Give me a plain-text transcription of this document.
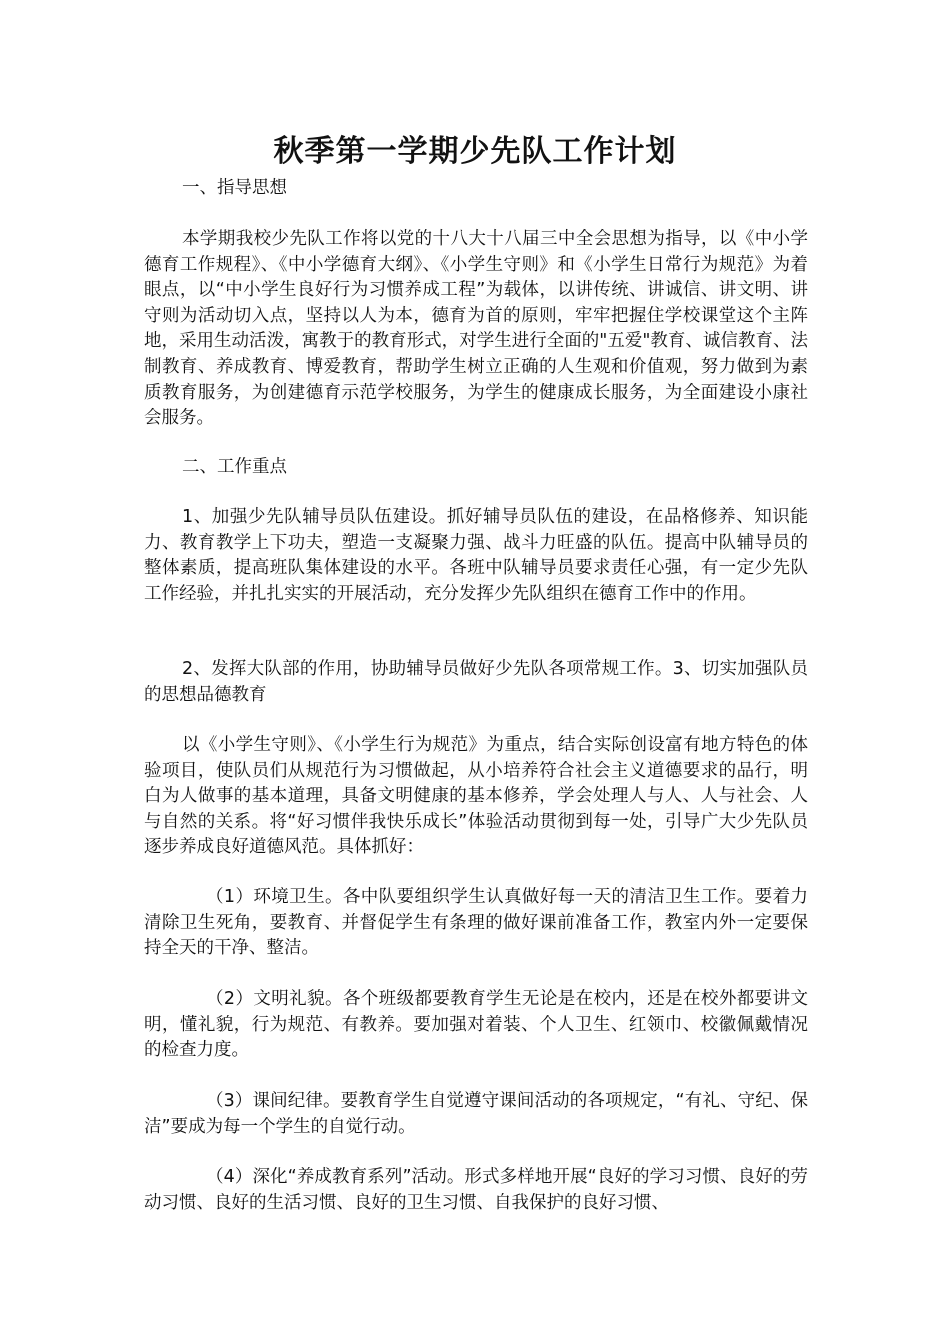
秋季第一学期少先队工作计划
一、指导思想

本学期我校少先队工作将以党的十八大十八届三中全会思想为指导，以《中小学德育工作规程》、《中小学德育大纲》、《小学生守则》和《小学生日常行为规范》为着眼点，以“中小学生良好行为习惯养成工程”为载体，以讲传统、讲诚信、讲文明、讲守则为活动切入点，坚持以人为本，德育为首的原则，牢牢把握住学校课堂这个主阵地，采用生动活泼，寓教于的教育形式，对学生进行全面的"五爱"教育、诚信教育、法制教育、养成教育、博爱教育，帮助学生树立正确的人生观和价值观，努力做到为素质教育服务，为创建德育示范学校服务，为学生的健康成长服务，为全面建设小康社会服务。

二、工作重点

1、加强少先队辅导员队伍建设。抓好辅导员队伍的建设，在品格修养、知识能力、教育教学上下功夫，塑造一支凝聚力强、战斗力旺盛的队伍。提高中队辅导员的整体素质，提高班队集体建设的水平。各班中队辅导员要求责任心强，有一定少先队工作经验，并扎扎实实的开展活动，充分发挥少先队组织在德育工作中的作用。

2、发挥大队部的作用，协助辅导员做好少先队各项常规工作。3、切实加强队员的思想品德教育

以《小学生守则》、《小学生行为规范》为重点，结合实际创设富有地方特色的体验项目，使队员们从规范行为习惯做起，从小培养符合社会主义道德要求的品行，明白为人做事的基本道理，具备文明健康的基本修养，学会处理人与人、人与社会、人与自然的关系。将“好习惯伴我快乐成长”体验活动贯彻到每一处，引导广大少先队员逐步养成良好道德风范。具体抓好：

（1）环境卫生。各中队要组织学生认真做好每一天的清洁卫生工作。要着力清除卫生死角，要教育、并督促学生有条理的做好课前准备工作，教室内外一定要保持全天的干净、整洁。

（2）文明礼貌。各个班级都要教育学生无论是在校内，还是在校外都要讲文明，懂礼貌，行为规范、有教养。要加强对着装、个人卫生、红领巾、校徽佩戴情况的检查力度。

（3）课间纪律。要教育学生自觉遵守课间活动的各项规定，“有礼、守纪、保洁”要成为每一个学生的自觉行动。

（4）深化“养成教育系列”活动。形式多样地开展“良好的学习习惯、良好的劳动习惯、良好的生活习惯、良好的卫生习惯、自我保护的良好习惯、
